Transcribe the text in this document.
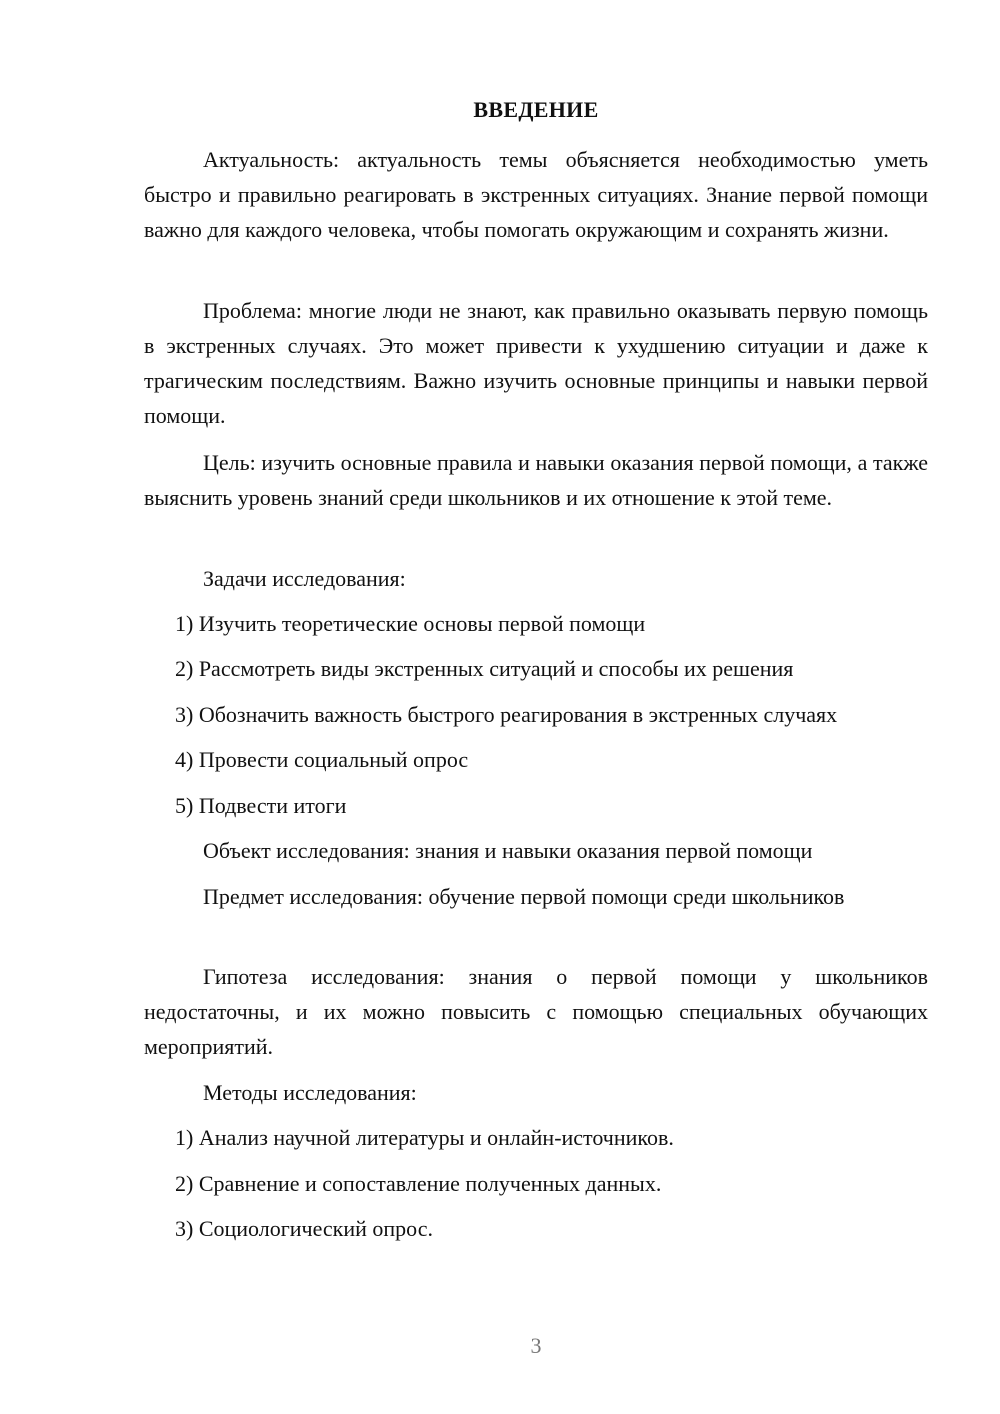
ВВЕДЕНИЕ

Актуальность: актуальность темы объясняется необходимостью уметь быстро и правильно реагировать в экстренных ситуациях. Знание первой помощи важно для каждого человека, чтобы помогать окружающим и сохранять жизни.

Проблема: многие люди не знают, как правильно оказывать первую помощь в экстренных случаях. Это может привести к ухудшению ситуации и даже к трагическим последствиям. Важно изучить основные принципы и навыки первой помощи.

Цель: изучить основные правила и навыки оказания первой помощи, а также выяснить уровень знаний среди школьников и их отношение к этой теме.

Задачи исследования:

1) Изучить теоретические основы первой помощи

2) Рассмотреть виды экстренных ситуаций и способы их решения

3) Обозначить важность быстрого реагирования в экстренных случаях

4) Провести социальный опрос

5) Подвести итоги

Объект исследования: знания и навыки оказания первой помощи

Предмет исследования: обучение первой помощи среди школьников

Гипотеза исследования: знания о первой помощи у школьников недостаточны, и их можно повысить с помощью специальных обучающих мероприятий.

Методы исследования:

1) Анализ научной литературы и онлайн-источников.

2) Сравнение и сопоставление полученных данных.

3) Социологический опрос.

3
